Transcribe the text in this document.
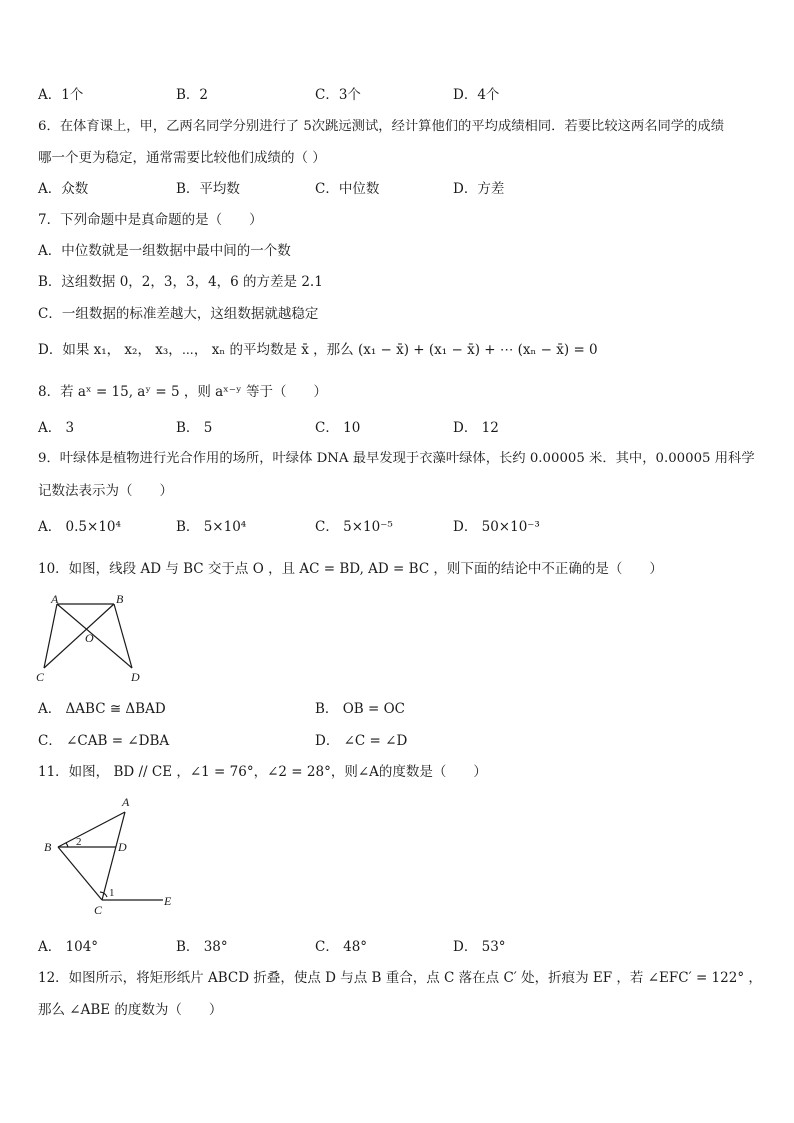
A．1个	B．2	C．3个	D．4个
6．在体育课上，甲，乙两名同学分别进行了 5次跳远测试，经计算他们的平均成绩相同．若要比较这两名同学的成绩
哪一个更为稳定，通常需要比较他们成绩的（ ）
A．众数	B．平均数	C．中位数	D．方差
7．下列命题中是真命题的是（　　）
A．中位数就是一组数据中最中间的一个数
B．这组数据 0，2，3，3，4，6 的方差是 2.1
C．一组数据的标准差越大，这组数据就越稳定
D．如果 x₁， x₂， x₃，⋯， xₙ 的平均数是 x̄ ，那么 (x₁ − x̄) + (x₁ − x̄) + ⋯ (xₙ − x̄) = 0
8．若 aˣ = 15, aʸ = 5 ，则 aˣ⁻ʸ 等于（　　）
A． 3	B． 5	C． 10	D． 12
9．叶绿体是植物进行光合作用的场所，叶绿体 DNA 最早发现于衣藻叶绿体，长约 0.00005 米．其中，0.00005 用科学
记数法表示为（　　）
A． 0.5×10⁴	B． 5×10⁴	C． 5×10⁻⁵	D． 50×10⁻³
10．如图，线段 AD 与 BC 交于点 O ，且 AC = BD, AD = BC ，则下面的结论中不正确的是（　　）
A	B
O
C	D
A． ΔABC ≅ ΔBAD	B． OB = OC
C． ∠CAB = ∠DBA	D． ∠C = ∠D
11．如图， BD // CE ，∠1 = 76°，∠2 = 28°，则∠A的度数是（　　）
A
B 2	D
1
C
E
A． 104°	B． 38°	C． 48°	D． 53°
12．如图所示，将矩形纸片 ABCD 折叠，使点 D 与点 B 重合，点 C 落在点 C′ 处，折痕为 EF ，若 ∠EFC′ = 122° ，
那么 ∠ABE 的度数为（　　）
